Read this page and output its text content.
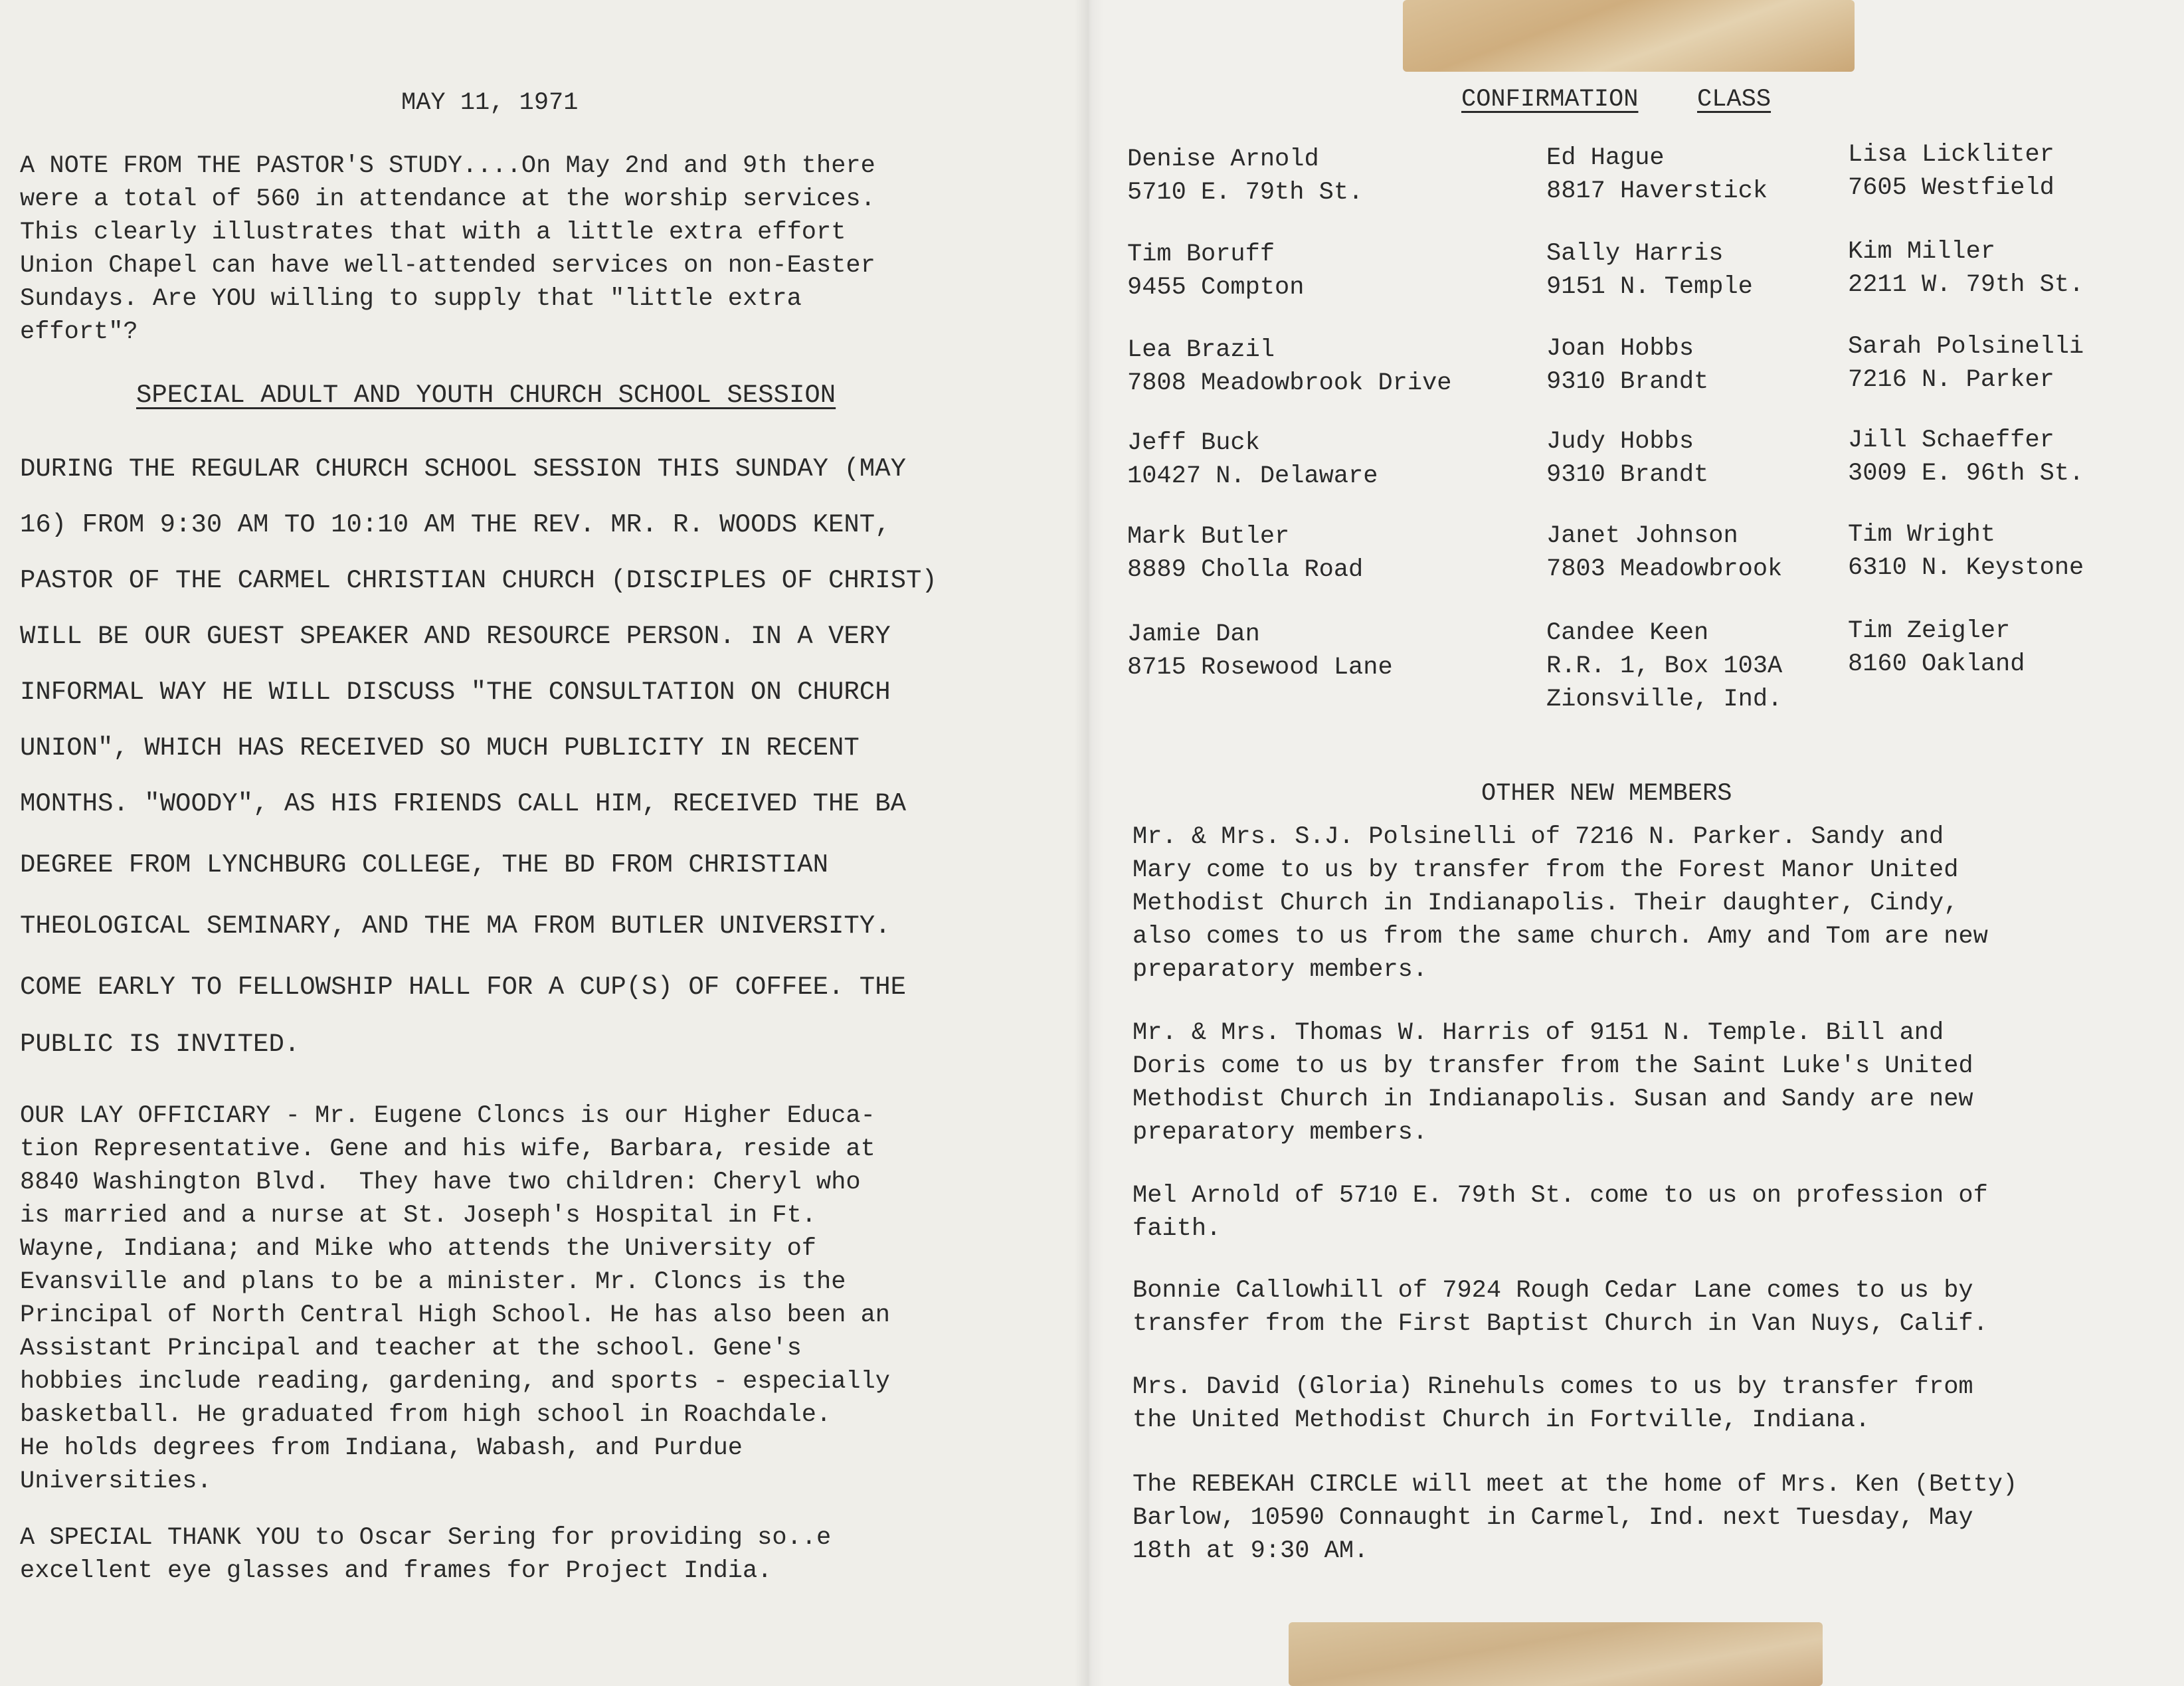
MAY 11, 1971

A NOTE FROM THE PASTOR'S STUDY....On May 2nd and 9th there

were a total of 560 in attendance at the worship services.

This clearly illustrates that with a little extra effort

Union Chapel can have well-attended services on non-Easter

Sundays. Are YOU willing to supply that "little extra

effort"?

SPECIAL ADULT AND YOUTH CHURCH SCHOOL SESSION

DURING THE REGULAR CHURCH SCHOOL SESSION THIS SUNDAY (MAY

16) FROM 9:30 AM TO 10:10 AM THE REV. MR. R. WOODS KENT,

PASTOR OF THE CARMEL CHRISTIAN CHURCH (DISCIPLES OF CHRIST)

WILL BE OUR GUEST SPEAKER AND RESOURCE PERSON. IN A VERY

INFORMAL WAY HE WILL DISCUSS "THE CONSULTATION ON CHURCH

UNION", WHICH HAS RECEIVED SO MUCH PUBLICITY IN RECENT

MONTHS. "WOODY", AS HIS FRIENDS CALL HIM, RECEIVED THE BA

DEGREE FROM LYNCHBURG COLLEGE, THE BD FROM CHRISTIAN

THEOLOGICAL SEMINARY, AND THE MA FROM BUTLER UNIVERSITY.

COME EARLY TO FELLOWSHIP HALL FOR A CUP(S) OF COFFEE. THE

PUBLIC IS INVITED.

OUR LAY OFFICIARY - Mr. Eugene Cloncs is our Higher Educa-

tion Representative. Gene and his wife, Barbara, reside at

8840 Washington Blvd.  They have two children: Cheryl who

is married and a nurse at St. Joseph's Hospital in Ft.

Wayne, Indiana; and Mike who attends the University of

Evansville and plans to be a minister. Mr. Cloncs is the

Principal of North Central High School. He has also been an

Assistant Principal and teacher at the school. Gene's

hobbies include reading, gardening, and sports - especially

basketball. He graduated from high school in Roachdale.

He holds degrees from Indiana, Wabash, and Purdue

Universities.

A SPECIAL THANK YOU to Oscar Sering for providing so..e

excellent eye glasses and frames for Project India.

CONFIRMATION CLASS

Denise Arnold

5710 E. 79th St.

Tim Boruff

9455 Compton

Lea Brazil

7808 Meadowbrook Drive

Jeff Buck

10427 N. Delaware

Mark Butler

8889 Cholla Road

Jamie Dan

8715 Rosewood Lane

Ed Hague

8817 Haverstick

Sally Harris

9151 N. Temple

Joan Hobbs

9310 Brandt

Judy Hobbs

9310 Brandt

Janet Johnson

7803 Meadowbrook

Candee Keen

R.R. 1, Box 103A

Zionsville, Ind.

Lisa Lickliter

7605 Westfield

Kim Miller

2211 W. 79th St.

Sarah Polsinelli

7216 N. Parker

Jill Schaeffer

3009 E. 96th St.

Tim Wright

6310 N. Keystone

Tim Zeigler

8160 Oakland

OTHER NEW MEMBERS

Mr. & Mrs. S.J. Polsinelli of 7216 N. Parker. Sandy and

Mary come to us by transfer from the Forest Manor United

Methodist Church in Indianapolis. Their daughter, Cindy,

also comes to us from the same church. Amy and Tom are new

preparatory members.

Mr. & Mrs. Thomas W. Harris of 9151 N. Temple. Bill and

Doris come to us by transfer from the Saint Luke's United

Methodist Church in Indianapolis. Susan and Sandy are new

preparatory members.

Mel Arnold of 5710 E. 79th St. come to us on profession of

faith.

Bonnie Callowhill of 7924 Rough Cedar Lane comes to us by

transfer from the First Baptist Church in Van Nuys, Calif.

Mrs. David (Gloria) Rinehuls comes to us by transfer from

the United Methodist Church in Fortville, Indiana.

The REBEKAH CIRCLE will meet at the home of Mrs. Ken (Betty)

Barlow, 10590 Connaught in Carmel, Ind. next Tuesday, May

18th at 9:30 AM.
